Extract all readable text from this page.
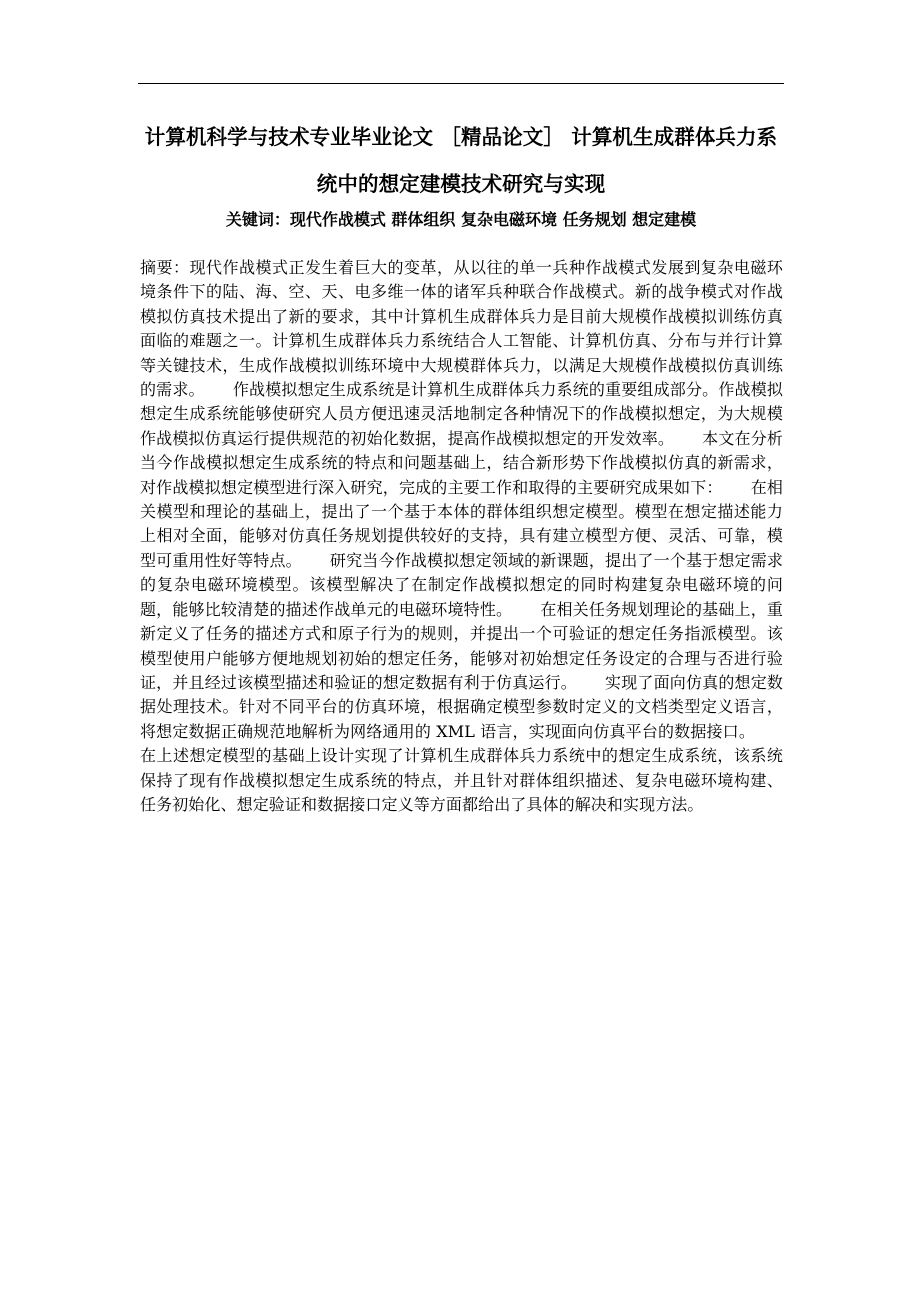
计算机科学与技术专业毕业论文 ［精品论文］ 计算机生成群体兵力系统中的想定建模技术研究与实现

关键词：现代作战模式 群体组织 复杂电磁环境 任务规划 想定建模

摘要：现代作战模式正发生着巨大的变革，从以往的单一兵种作战模式发展到复杂电磁环境条件下的陆、海、空、天、电多维一体的诸军兵种联合作战模式。新的战争模式对作战模拟仿真技术提出了新的要求，其中计算机生成群体兵力是目前大规模作战模拟训练仿真面临的难题之一。计算机生成群体兵力系统结合人工智能、计算机仿真、分布与并行计算等关键技术，生成作战模拟训练环境中大规模群体兵力，以满足大规模作战模拟仿真训练的需求。 作战模拟想定生成系统是计算机生成群体兵力系统的重要组成部分。作战模拟想定生成系统能够使研究人员方便迅速灵活地制定各种情况下的作战模拟想定，为大规模作战模拟仿真运行提供规范的初始化数据，提高作战模拟想定的开发效率。 本文在分析当今作战模拟想定生成系统的特点和问题基础上，结合新形势下作战模拟仿真的新需求，对作战模拟想定模型进行深入研究，完成的主要工作和取得的主要研究成果如下： 在相关模型和理论的基础上，提出了一个基于本体的群体组织想定模型。模型在想定描述能力上相对全面，能够对仿真任务规划提供较好的支持，具有建立模型方便、灵活、可靠，模型可重用性好等特点。 研究当今作战模拟想定领域的新课题，提出了一个基于想定需求的复杂电磁环境模型。该模型解决了在制定作战模拟想定的同时构建复杂电磁环境的问题，能够比较清楚的描述作战单元的电磁环境特性。 在相关任务规划理论的基础上，重新定义了任务的描述方式和原子行为的规则，并提出一个可验证的想定任务指派模型。该模型使用户能够方便地规划初始的想定任务，能够对初始想定任务设定的合理与否进行验证，并且经过该模型描述和验证的想定数据有利于仿真运行。 实现了面向仿真的想定数据处理技术。针对不同平台的仿真环境，根据确定模型参数时定义的文档类型定义语言，将想定数据正确规范地解析为网络通用的 XML 语言，实现面向仿真平台的数据接口。在上述想定模型的基础上设计实现了计算机生成群体兵力系统中的想定生成系统，该系统保持了现有作战模拟想定生成系统的特点，并且针对群体组织描述、复杂电磁环境构建、任务初始化、想定验证和数据接口定义等方面都给出了具体的解决和实现方法。
